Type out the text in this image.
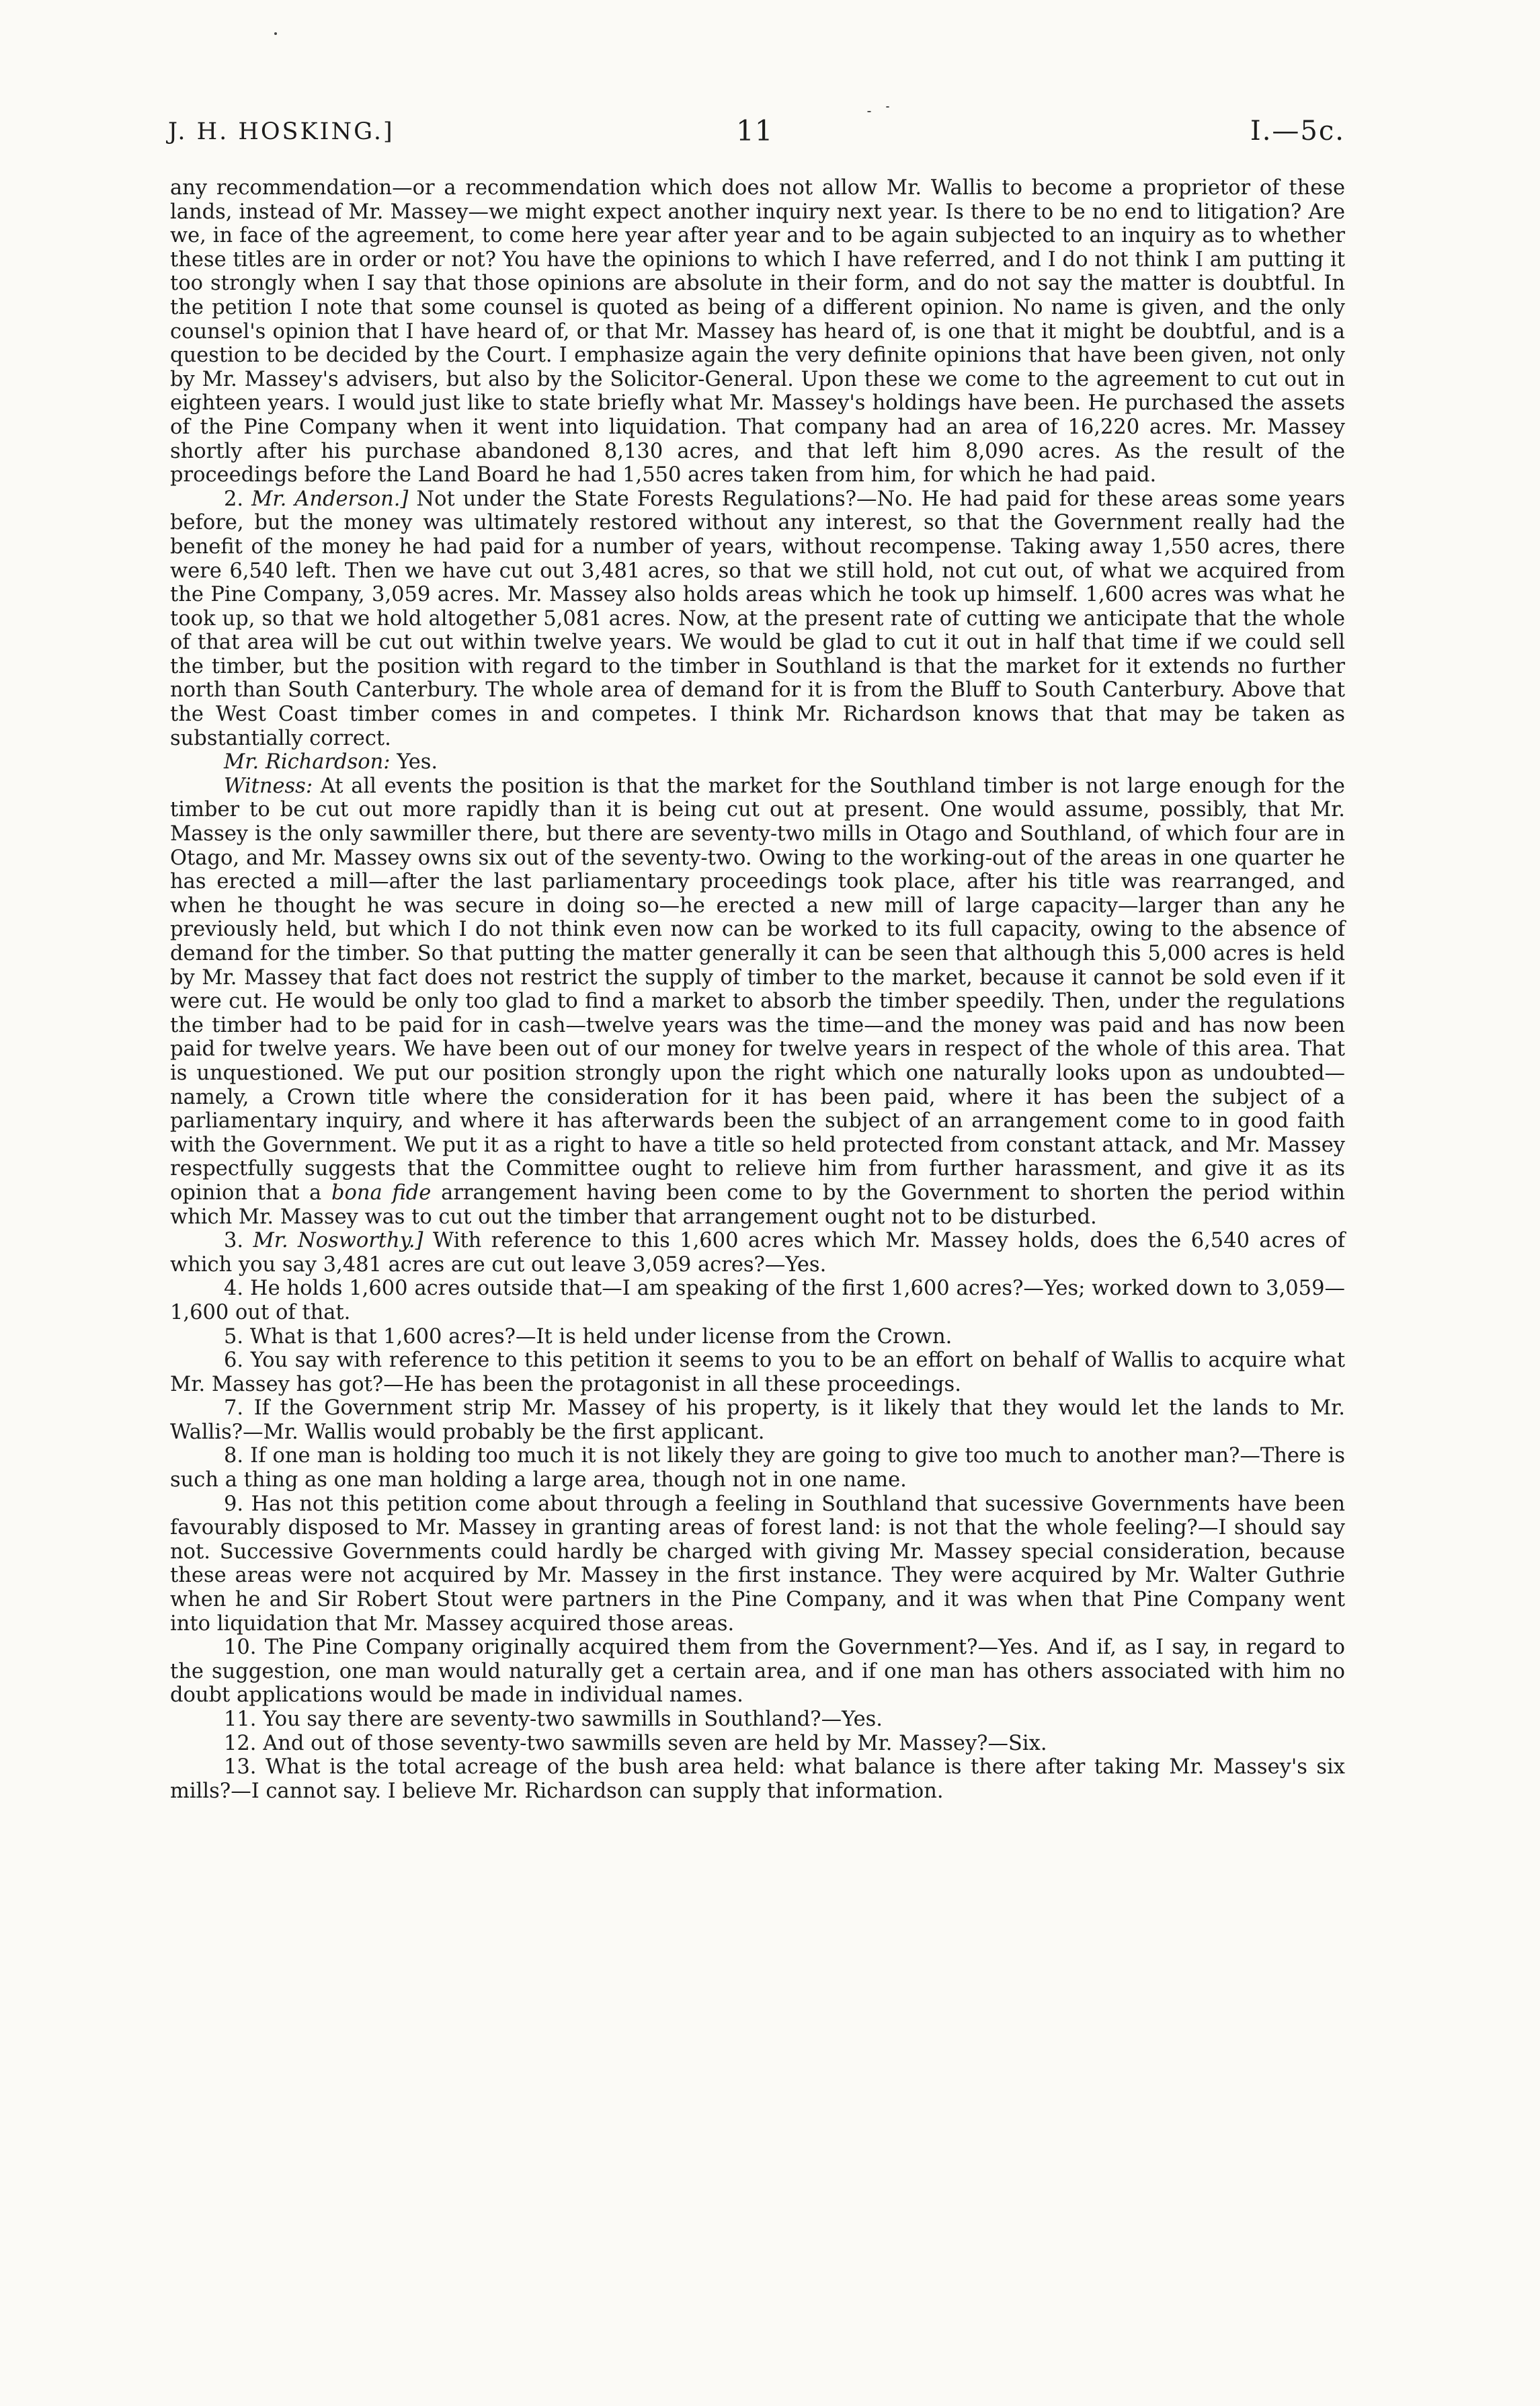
J. H. HOSKING.]	11	I.—5c.

any recommendation—or a recommendation which does not allow Mr. Wallis to become a proprietor of these lands, instead of Mr. Massey—we might expect another inquiry next year. Is there to be no end to litigation? Are we, in face of the agreement, to come here year after year and to be again subjected to an inquiry as to whether these titles are in order or not? You have the opinions to which I have referred, and I do not think I am putting it too strongly when I say that those opinions are absolute in their form, and do not say the matter is doubtful. In the petition I note that some counsel is quoted as being of a different opinion. No name is given, and the only counsel's opinion that I have heard of, or that Mr. Massey has heard of, is one that it might be doubtful, and is a question to be decided by the Court. I emphasize again the very definite opinions that have been given, not only by Mr. Massey's advisers, but also by the Solicitor-General. Upon these we come to the agreement to cut out in eighteen years. I would just like to state briefly what Mr. Massey's holdings have been. He purchased the assets of the Pine Company when it went into liquidation. That company had an area of 16,220 acres. Mr. Massey shortly after his purchase abandoned 8,130 acres, and that left him 8,090 acres. As the result of the proceedings before the Land Board he had 1,550 acres taken from him, for which he had paid.

2. Mr. Anderson.] Not under the State Forests Regulations?—No. He had paid for these areas some years before, but the money was ultimately restored without any interest, so that the Government really had the benefit of the money he had paid for a number of years, without recompense. Taking away 1,550 acres, there were 6,540 left. Then we have cut out 3,481 acres, so that we still hold, not cut out, of what we acquired from the Pine Company, 3,059 acres. Mr. Massey also holds areas which he took up himself. 1,600 acres was what he took up, so that we hold altogether 5,081 acres. Now, at the present rate of cutting we anticipate that the whole of that area will be cut out within twelve years. We would be glad to cut it out in half that time if we could sell the timber, but the position with regard to the timber in Southland is that the market for it extends no further north than South Canterbury. The whole area of demand for it is from the Bluff to South Canterbury. Above that the West Coast timber comes in and competes. I think Mr. Richardson knows that that may be taken as substantially correct.

Mr. Richardson: Yes.

Witness: At all events the position is that the market for the Southland timber is not large enough for the timber to be cut out more rapidly than it is being cut out at present. One would assume, possibly, that Mr. Massey is the only sawmiller there, but there are seventy-two mills in Otago and Southland, of which four are in Otago, and Mr. Massey owns six out of the seventy-two. Owing to the working-out of the areas in one quarter he has erected a mill—after the last parliamentary proceedings took place, after his title was rearranged, and when he thought he was secure in doing so—he erected a new mill of large capacity—larger than any he previously held, but which I do not think even now can be worked to its full capacity, owing to the absence of demand for the timber. So that putting the matter generally it can be seen that although this 5,000 acres is held by Mr. Massey that fact does not restrict the supply of timber to the market, because it cannot be sold even if it were cut. He would be only too glad to find a market to absorb the timber speedily. Then, under the regulations the timber had to be paid for in cash—twelve years was the time—and the money was paid and has now been paid for twelve years. We have been out of our money for twelve years in respect of the whole of this area. That is unquestioned. We put our position strongly upon the right which one naturally looks upon as undoubted—namely, a Crown title where the consideration for it has been paid, where it has been the subject of a parliamentary inquiry, and where it has afterwards been the subject of an arrangement come to in good faith with the Government. We put it as a right to have a title so held protected from constant attack, and Mr. Massey respectfully suggests that the Committee ought to relieve him from further harassment, and give it as its opinion that a bona fide arrangement having been come to by the Government to shorten the period within which Mr. Massey was to cut out the timber that arrangement ought not to be disturbed.

3. Mr. Nosworthy.] With reference to this 1,600 acres which Mr. Massey holds, does the 6,540 acres of which you say 3,481 acres are cut out leave 3,059 acres?—Yes.

4. He holds 1,600 acres outside that—I am speaking of the first 1,600 acres?—Yes; worked down to 3,059—1,600 out of that.

5. What is that 1,600 acres?—It is held under license from the Crown.

6. You say with reference to this petition it seems to you to be an effort on behalf of Wallis to acquire what Mr. Massey has got?—He has been the protagonist in all these proceedings.

7. If the Government strip Mr. Massey of his property, is it likely that they would let the lands to Mr. Wallis?—Mr. Wallis would probably be the first applicant.

8. If one man is holding too much it is not likely they are going to give too much to another man?—There is such a thing as one man holding a large area, though not in one name.

9. Has not this petition come about through a feeling in Southland that sucessive Governments have been favourably disposed to Mr. Massey in granting areas of forest land: is not that the whole feeling?—I should say not. Successive Governments could hardly be charged with giving Mr. Massey special consideration, because these areas were not acquired by Mr. Massey in the first instance. They were acquired by Mr. Walter Guthrie when he and Sir Robert Stout were partners in the Pine Company, and it was when that Pine Company went into liquidation that Mr. Massey acquired those areas.

10. The Pine Company originally acquired them from the Government?—Yes. And if, as I say, in regard to the suggestion, one man would naturally get a certain area, and if one man has others associated with him no doubt applications would be made in individual names.

11. You say there are seventy-two sawmills in Southland?—Yes.

12. And out of those seventy-two sawmills seven are held by Mr. Massey?—Six.

13. What is the total acreage of the bush area held: what balance is there after taking Mr. Massey's six mills?—I cannot say. I believe Mr. Richardson can supply that information.
